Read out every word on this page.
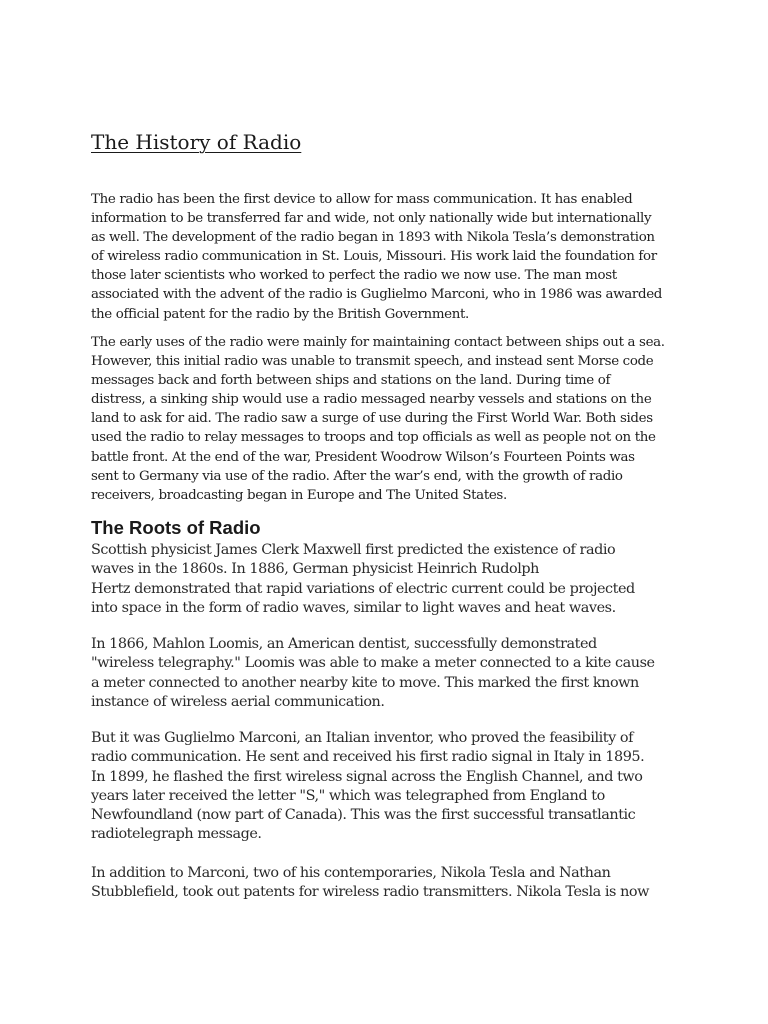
The History of Radio

The radio has been the first device to allow for mass communication. It has enabled
information to be transferred far and wide, not only nationally wide but internationally
as well. The development of the radio began in 1893 with Nikola Tesla’s demonstration
of wireless radio communication in St. Louis, Missouri. His work laid the foundation for
those later scientists who worked to perfect the radio we now use. The man most
associated with the advent of the radio is Guglielmo Marconi, who in 1986 was awarded
the official patent for the radio by the British Government.

The early uses of the radio were mainly for maintaining contact between ships out a sea.
However, this initial radio was unable to transmit speech, and instead sent Morse code
messages back and forth between ships and stations on the land. During time of
distress, a sinking ship would use a radio messaged nearby vessels and stations on the
land to ask for aid. The radio saw a surge of use during the First World War. Both sides
used the radio to relay messages to troops and top officials as well as people not on the
battle front. At the end of the war, President Woodrow Wilson’s Fourteen Points was
sent to Germany via use of the radio. After the war’s end, with the growth of radio
receivers, broadcasting began in Europe and The United States.

The Roots of Radio

Scottish physicist James Clerk Maxwell first predicted the existence of radio
waves in the 1860s. In 1886, German physicist Heinrich Rudolph
Hertz demonstrated that rapid variations of electric current could be projected
into space in the form of radio waves, similar to light waves and heat waves.

In 1866, Mahlon Loomis, an American dentist, successfully demonstrated
"wireless telegraphy." Loomis was able to make a meter connected to a kite cause
a meter connected to another nearby kite to move. This marked the first known
instance of wireless aerial communication.

But it was Guglielmo Marconi, an Italian inventor, who proved the feasibility of
radio communication. He sent and received his first radio signal in Italy in 1895.
In 1899, he flashed the first wireless signal across the English Channel, and two
years later received the letter "S," which was telegraphed from England to
Newfoundland (now part of Canada). This was the first successful transatlantic
radiotelegraph message.

In addition to Marconi, two of his contemporaries, Nikola Tesla and Nathan
Stubblefield, took out patents for wireless radio transmitters. Nikola Tesla is now
